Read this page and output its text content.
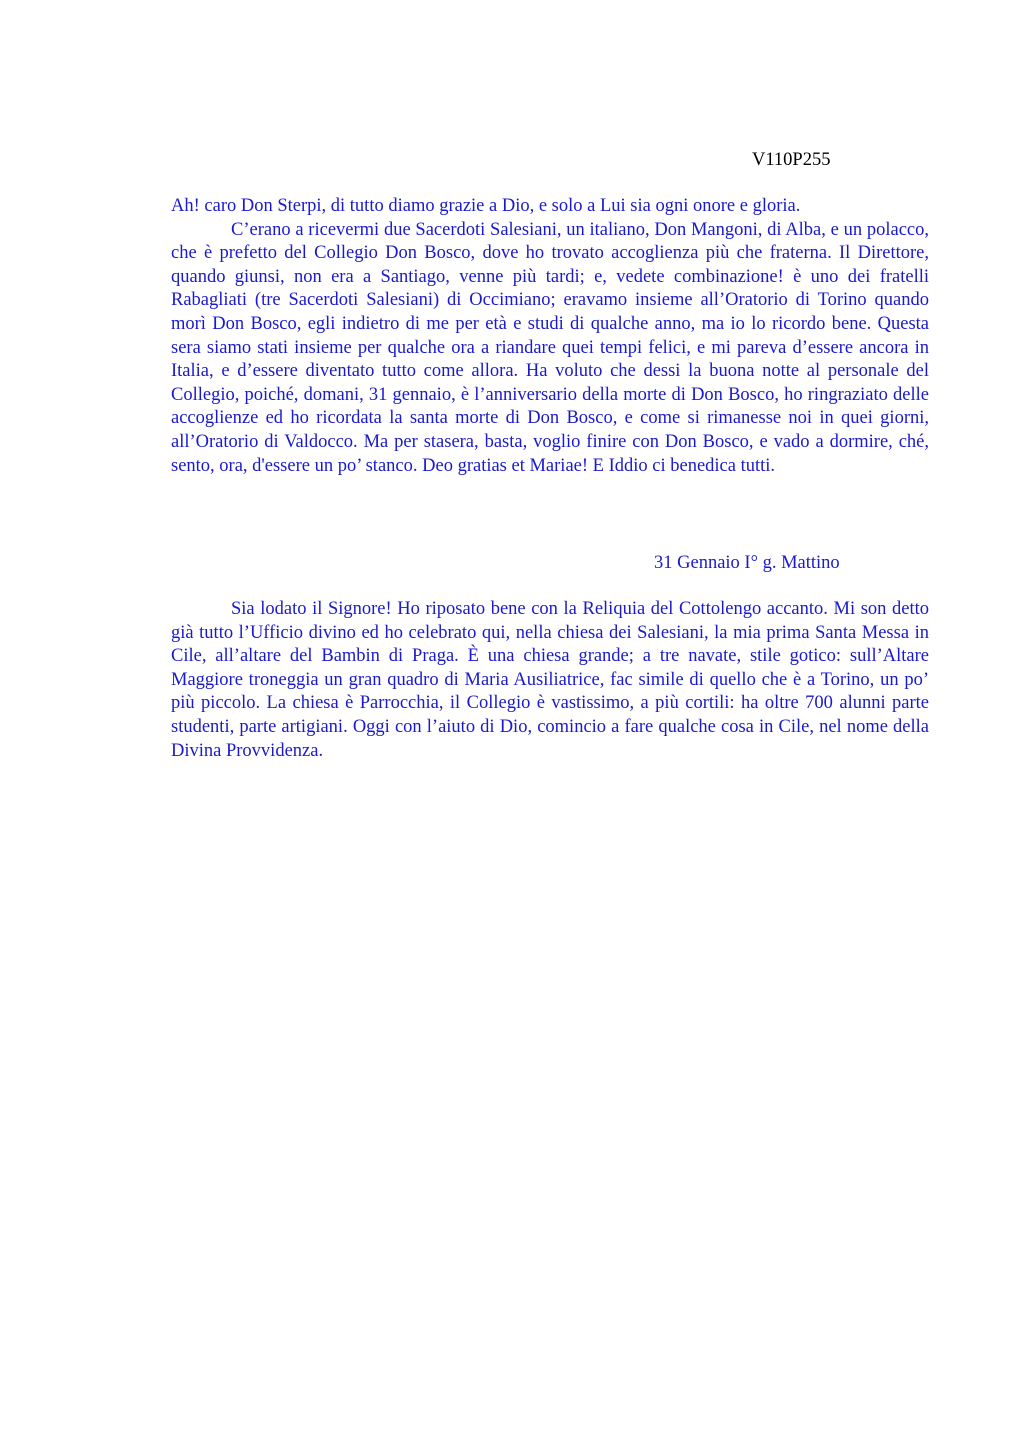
V110P255

Ah! caro Don Sterpi, di tutto diamo grazie a Dio, e solo a Lui sia ogni onore e gloria.

C’erano a ricevermi due Sacerdoti Salesiani, un italiano, Don Mangoni, di Alba, e un polacco, che è prefetto del Collegio Don Bosco, dove ho trovato accoglienza più che fraterna. Il Direttore, quando giunsi, non era a Santiago, venne più tardi; e, vedete combinazione! è uno dei fratelli Rabagliati (tre Sacerdoti Salesiani) di Occimiano; eravamo insieme all’Oratorio di Torino quando morì Don Bosco, egli indietro di me per età e studi di qualche anno, ma io lo ricordo bene. Questa sera siamo stati insieme per qualche ora a riandare quei tempi felici, e mi pareva d’essere ancora in Italia, e d’essere diventato tutto come allora. Ha voluto che dessi la buona notte al personale del Collegio, poiché, domani, 31 gennaio, è l’anniversario della morte di Don Bosco, ho ringraziato delle accoglienze ed ho ricordata la santa morte di Don Bosco, e come si rimanesse noi in quei giorni, all’Oratorio di Valdocco. Ma per stasera, basta, voglio finire con Don Bosco, e vado a dormire, ché, sento, ora, d'essere un po’ stanco. Deo gratias et Mariae! E Iddio ci benedica tutti.

31 Gennaio I° g. Mattino

Sia lodato il Signore! Ho riposato bene con la Reliquia del Cottolengo accanto. Mi son detto già tutto l’Ufficio divino ed ho celebrato qui, nella chiesa dei Salesiani, la mia prima Santa Messa in Cile, all’altare del Bambin di Praga. È una chiesa grande; a tre navate, stile gotico: sull’Altare Maggiore troneggia un gran quadro di Maria Ausiliatrice, fac simile di quello che è a Torino, un po’ più piccolo. La chiesa è Parrocchia, il Collegio è vastissimo, a più cortili: ha oltre 700 alunni parte studenti, parte artigiani. Oggi con l’aiuto di Dio, comincio a fare qualche cosa in Cile, nel nome della Divina Provvidenza.
